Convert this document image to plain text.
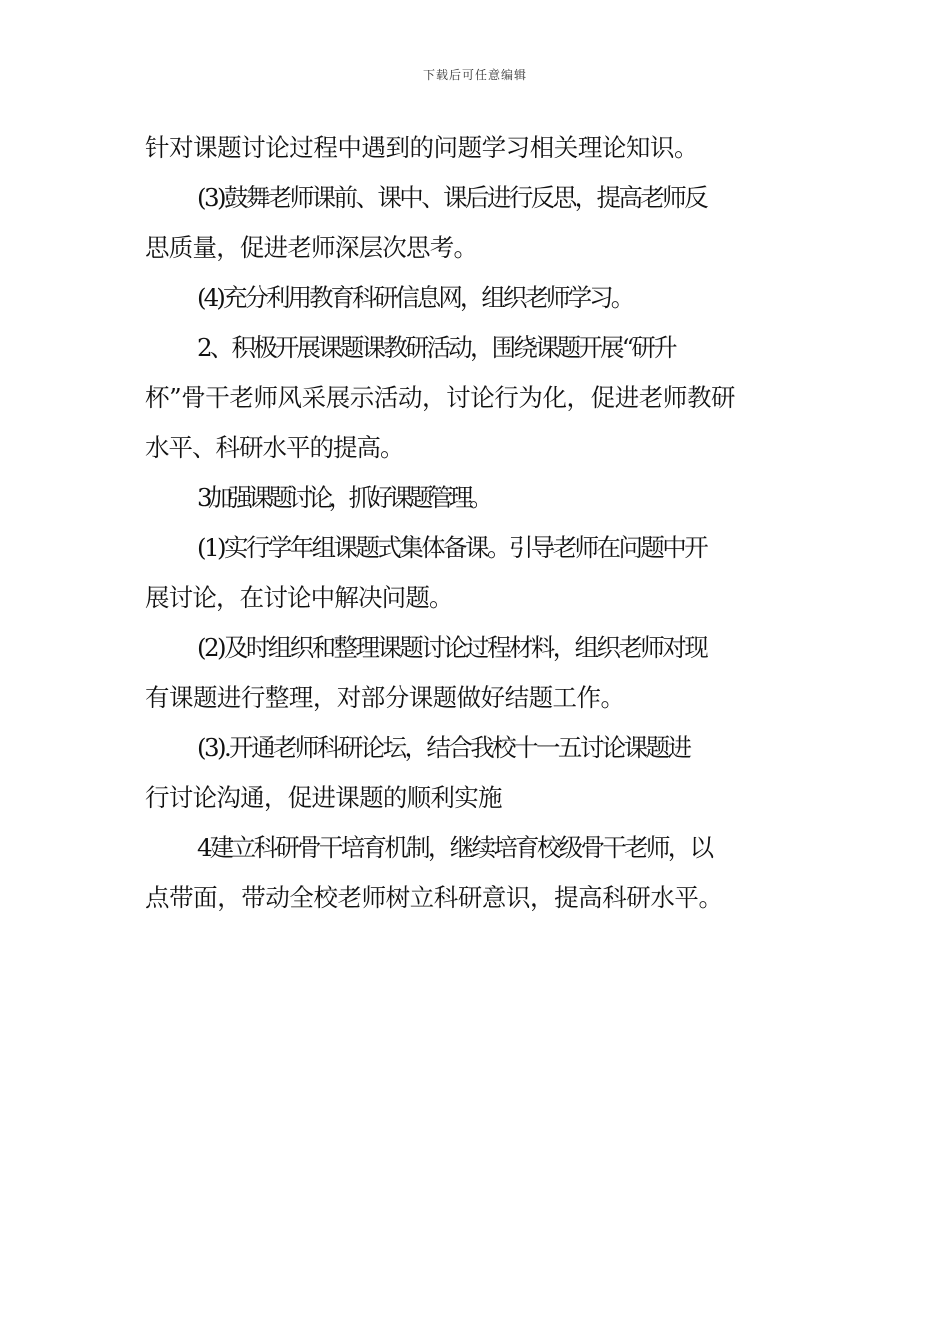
下载后可任意编辑
针对课题讨论过程中遇到的问题学习相关理论知识。
(3)鼓舞老师课前、课中、课后进行反思，提高老师反
思质量，促进老师深层次思考。
(4)充分利用教育科研信息网，组织老师学习。
2、积极开展课题课教研活动，围绕课题开展“研升
杯”骨干老师风采展示活动，讨论行为化，促进老师教研
水平、科研水平的提高。
3加强课题讨论，抓好课题管理。
(1)实行学年组课题式集体备课。引导老师在问题中开
展讨论，在讨论中解决问题。
(2)及时组织和整理课题讨论过程材料，组织老师对现
有课题进行整理，对部分课题做好结题工作。
(3).开通老师科研论坛，结合我校十一五讨论课题进
行讨论沟通，促进课题的顺利实施
4建立科研骨干培育机制，继续培育校级骨干老师，以
点带面，带动全校老师树立科研意识，提高科研水平。
